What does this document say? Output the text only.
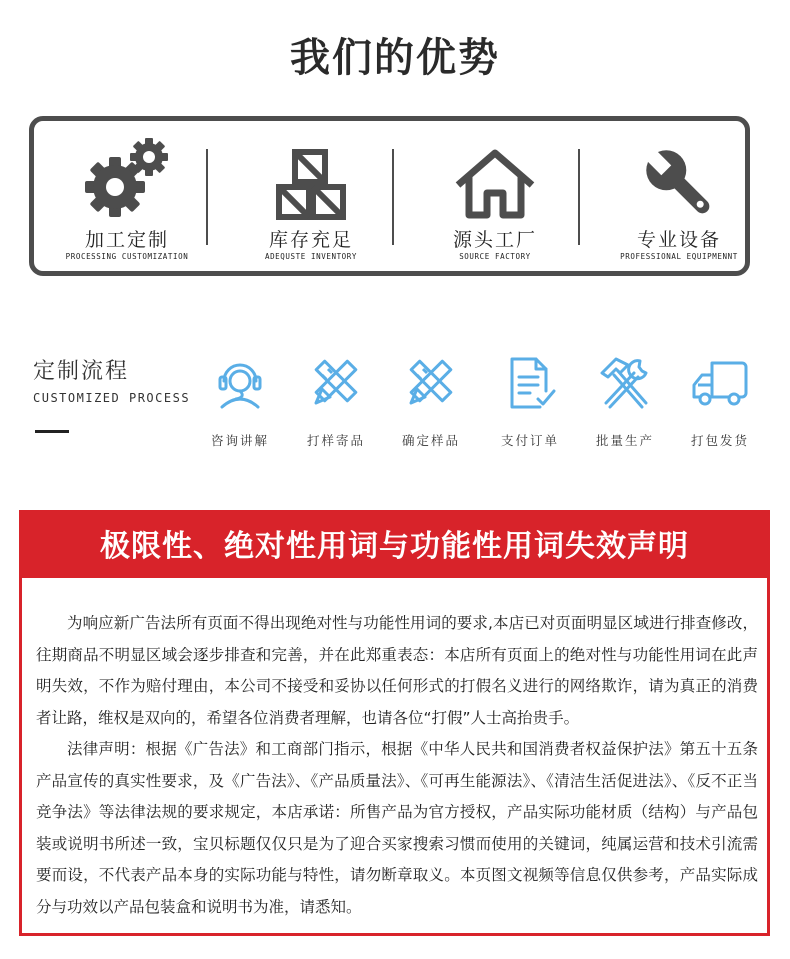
我们的优势
加工定制
PROCESSING CUSTOMIZATION
库存充足
ADEQUSTE INVENTORY
源头工厂
SOURCE FACTORY
专业设备
PROFESSIONAL EQUIPMENNT
定制流程
CUSTOMIZED PROCESS
咨询讲解	打样寄品	确定样品	支付订单	批量生产	打包发货
极限性、绝对性用词与功能性用词失效声明

为响应新广告法所有页面不得出现绝对性与功能性用词的要求,本店已对页面明显区域进行排查修改，往期商品不明显区域会逐步排查和完善，并在此郑重表态：本店所有页面上的绝对性与功能性用词在此声明失效，不作为赔付理由，本公司不接受和妥协以任何形式的打假名义进行的网络欺诈，请为真正的消费者让路，维权是双向的，希望各位消费者理解，也请各位“打假”人士高抬贵手。

法律声明：根据《广告法》和工商部门指示，根据《中华人民共和国消费者权益保护法》第五十五条产品宣传的真实性要求，及《广告法》、《产品质量法》、《可再生能源法》、《清洁生活促进法》、《反不正当竞争法》等法律法规的要求规定，本店承诺：所售产品为官方授权，产品实际功能材质（结构）与产品包装或说明书所述一致，宝贝标题仅仅只是为了迎合买家搜索习惯而使用的关键词，纯属运营和技术引流需要而设，不代表产品本身的实际功能与特性，请勿断章取义。本页图文视频等信息仅供参考，产品实际成分与功效以产品包装盒和说明书为准，请悉知。
